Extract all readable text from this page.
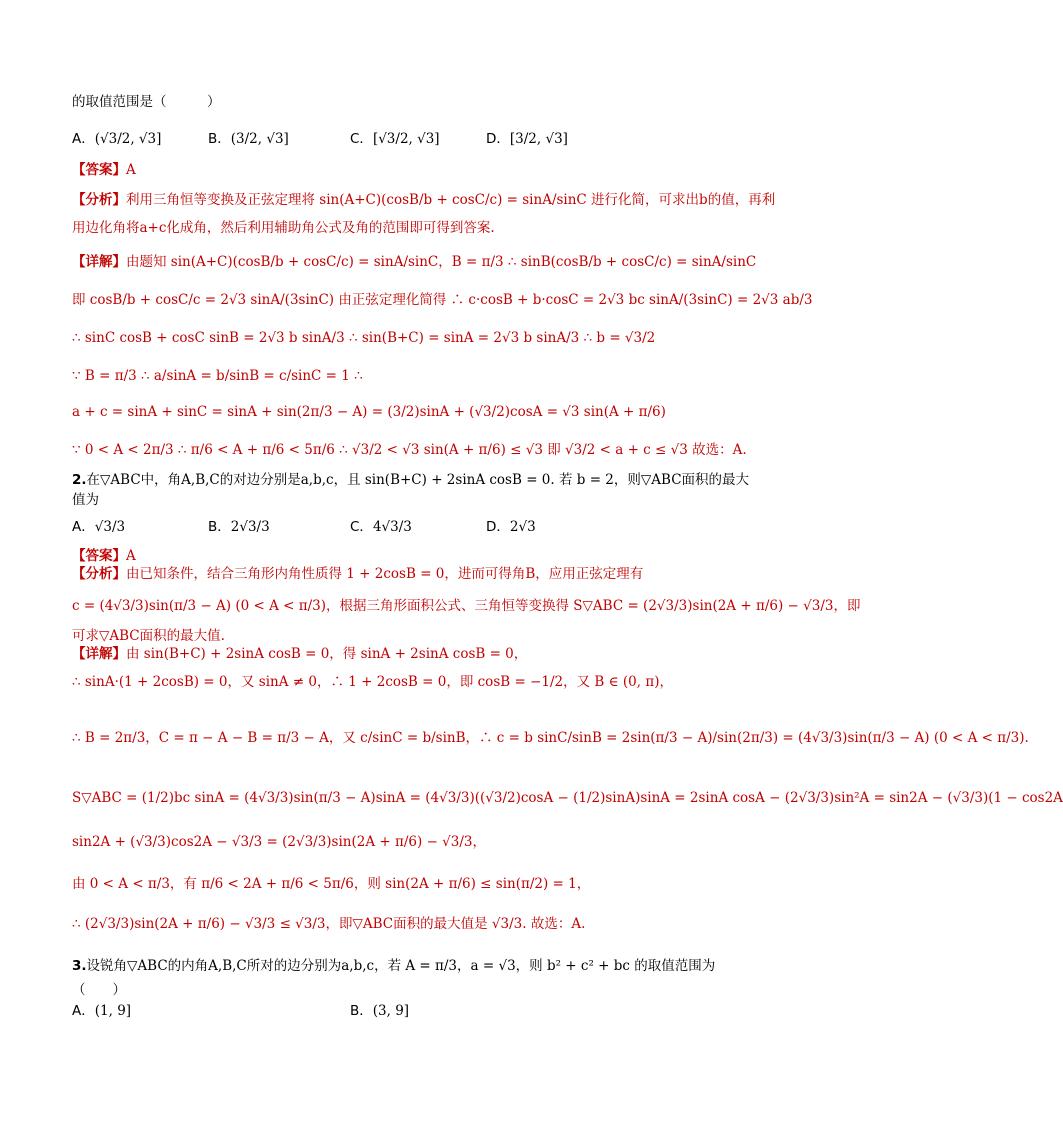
的取值范围是（　　　）
A．(√3/2, √3]	B．(3/2, √3]	C．[√3/2, √3]	D．[3/2, √3]
【答案】A
【分析】利用三角恒等变换及正弦定理将 sin(A+C)(cosB/b + cosC/c) = sinA/sinC 进行化简，可求出b的值，再利
用边化角将a+c化成角，然后利用辅助角公式及角的范围即可得到答案.
【详解】由题知 sin(A+C)(cosB/b + cosC/c) = sinA/sinC，B = π/3 ∴ sinB(cosB/b + cosC/c) = sinA/sinC
即 cosB/b + cosC/c = 2√3 sinA/(3sinC) 由正弦定理化简得 ∴ c·cosB + b·cosC = 2√3 bc sinA/(3sinC) = 2√3 ab/3
∴ sinC cosB + cosC sinB = 2√3 b sinA/3 ∴ sin(B+C) = sinA = 2√3 b sinA/3 ∴ b = √3/2
∵ B = π/3 ∴ a/sinA = b/sinB = c/sinC = 1 ∴
a + c = sinA + sinC = sinA + sin(2π/3 − A) = (3/2)sinA + (√3/2)cosA = √3 sin(A + π/6)
∵ 0 < A < 2π/3 ∴ π/6 < A + π/6 < 5π/6 ∴ √3/2 < √3 sin(A + π/6) ≤ √3 即 √3/2 < a + c ≤ √3 故选：A.
2.在▽ABC中，角A,B,C的对边分别是a,b,c，且 sin(B+C) + 2sinA cosB = 0. 若 b = 2，则▽ABC面积的最大
值为
A．√3/3	B．2√3/3	C．4√3/3	D．2√3
【答案】A
【分析】由已知条件，结合三角形内角性质得 1 + 2cosB = 0，进而可得角B，应用正弦定理有
c = (4√3/3)sin(π/3 − A) (0 < A < π/3)，根据三角形面积公式、三角恒等变换得 S▽ABC = (2√3/3)sin(2A + π/6) − √3/3，即
可求▽ABC面积的最大值.
【详解】由 sin(B+C) + 2sinA cosB = 0，得 sinA + 2sinA cosB = 0，
∴ sinA·(1 + 2cosB) = 0，又 sinA ≠ 0，∴ 1 + 2cosB = 0，即 cosB = −1/2，又 B ∈ (0, π)，
∴ B = 2π/3，C = π − A − B = π/3 − A，又 c/sinC = b/sinB，∴ c = b sinC/sinB = 2sin(π/3 − A)/sin(2π/3) = (4√3/3)sin(π/3 − A) (0 < A < π/3).
S▽ABC = (1/2)bc sinA = (4√3/3)sin(π/3 − A)sinA = (4√3/3)((√3/2)cosA − (1/2)sinA)sinA = 2sinA cosA − (2√3/3)sin²A = sin2A − (√3/3)(1 − cos2A
sin2A + (√3/3)cos2A − √3/3 = (2√3/3)sin(2A + π/6) − √3/3，
由 0 < A < π/3，有 π/6 < 2A + π/6 < 5π/6，则 sin(2A + π/6) ≤ sin(π/2) = 1，
∴ (2√3/3)sin(2A + π/6) − √3/3 ≤ √3/3，即▽ABC面积的最大值是 √3/3. 故选：A.
3.设锐角▽ABC的内角A,B,C所对的边分别为a,b,c，若 A = π/3，a = √3，则 b² + c² + bc 的取值范围为
（　　）
A．(1, 9]	B．(3, 9]
